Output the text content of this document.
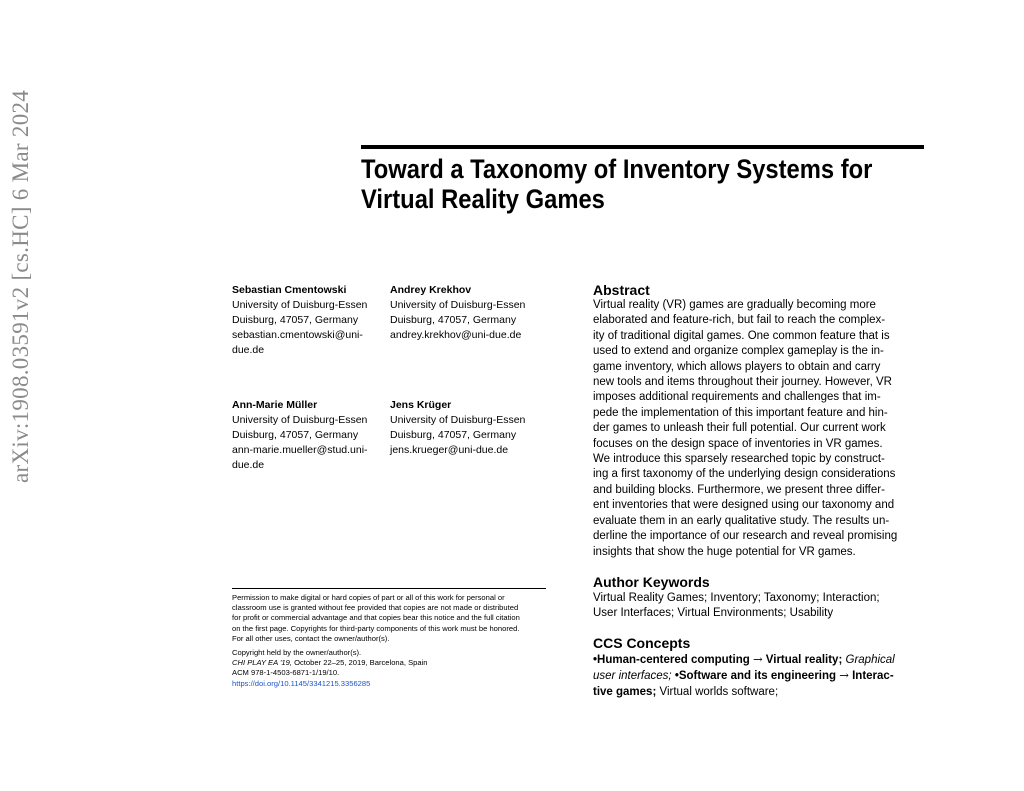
arXiv:1908.03591v2 [cs.HC] 6 Mar 2024	Toward a Taxonomy of Inventory Systems for
Virtual Reality Games
Sebastian Cmentowski
University of Duisburg-Essen
Duisburg, 47057, Germany
sebastian.cmentowski@uni-
due.de
Andrey Krekhov
University of Duisburg-Essen
Duisburg, 47057, Germany
andrey.krekhov@uni-due.de
Ann-Marie Müller
University of Duisburg-Essen
Duisburg, 47057, Germany
ann-marie.mueller@stud.uni-
due.de
Jens Krüger
University of Duisburg-Essen
Duisburg, 47057, Germany
jens.krueger@uni-due.de
Abstract
Virtual reality (VR) games are gradually becoming more
elaborated and feature-rich, but fail to reach the complex-
ity of traditional digital games. One common feature that is
used to extend and organize complex gameplay is the in-
game inventory, which allows players to obtain and carry
new tools and items throughout their journey. However, VR
imposes additional requirements and challenges that im-
pede the implementation of this important feature and hin-
der games to unleash their full potential. Our current work
focuses on the design space of inventories in VR games.
We introduce this sparsely researched topic by construct-
ing a first taxonomy of the underlying design considerations
and building blocks. Furthermore, we present three differ-
ent inventories that were designed using our taxonomy and
evaluate them in an early qualitative study. The results un-
derline the importance of our research and reveal promising
insights that show the huge potential for VR games.
Author Keywords
Virtual Reality Games; Inventory; Taxonomy; Interaction;
User Interfaces; Virtual Environments; Usability
CCS Concepts
•Human-centered computing → Virtual reality; Graphical
user interfaces; •Software and its engineering → Interac-
tive games; Virtual worlds software;
Permission to make digital or hard copies of part or all of this work for personal or
classroom use is granted without fee provided that copies are not made or distributed
for profit or commercial advantage and that copies bear this notice and the full citation
on the first page. Copyrights for third-party components of this work must be honored.
For all other uses, contact the owner/author(s).
Copyright held by the owner/author(s).
CHI PLAY EA '19, October 22–25, 2019, Barcelona, Spain
ACM 978-1-4503-6871-1/19/10.
https://doi.org/10.1145/3341215.3356285
